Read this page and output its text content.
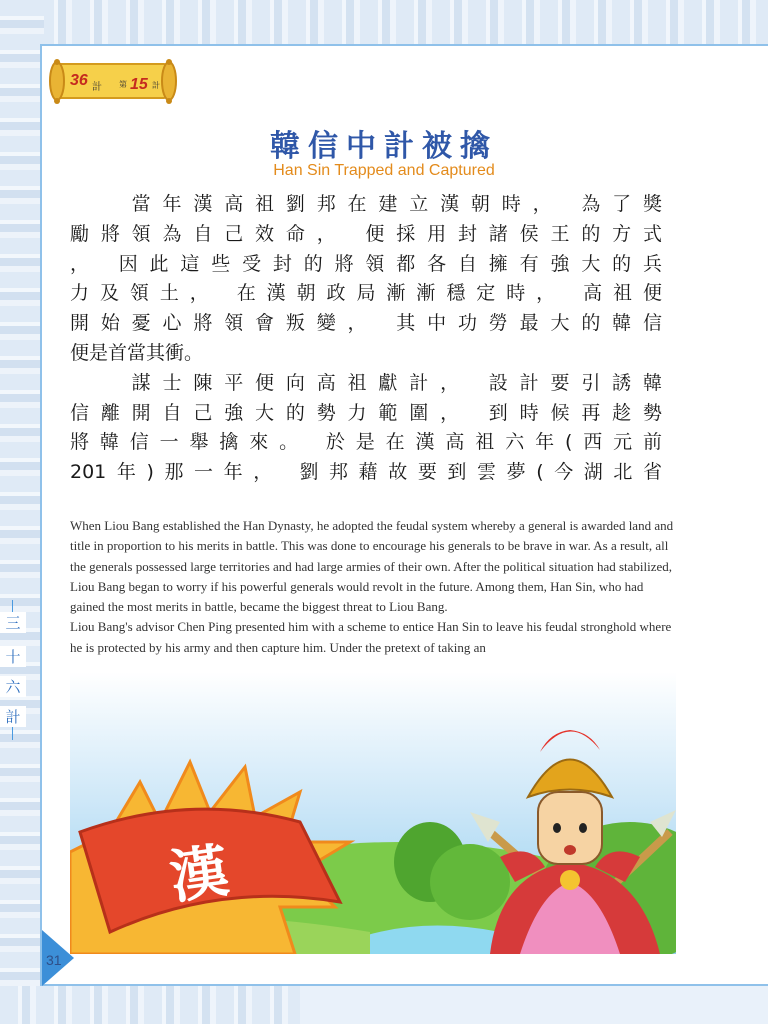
36 計 第 15 計
韓信中計被擒
Han Sin Trapped and Captured
　　當年漢高祖劉邦在建立漢朝時， 為了獎
勵將領為自己效命， 便採用封諸侯王的方式
， 因此這些受封的將領都各自擁有強大的兵
力及領土， 在漢朝政局漸漸穩定時， 高祖便
開始憂心將領會叛變， 其中功勞最大的韓信
便是首當其衝。
　　謀士陳平便向高祖獻計， 設計要引誘韓
信離開自己強大的勢力範圍， 到時候再趁勢
將韓信一舉擒來。 於是在漢高祖六年(西元前
201年)那一年， 劉邦藉故要到雲夢(今湖北省

When Liou Bang established the Han Dynasty, he adopted the feudal system whereby a general is awarded land and title in proportion to his merits in battle. This was done to encourage his generals to be brave in war. As a result, all the generals possessed large territories and had large armies of their own. After the political situation had stabilized, Liou Bang began to worry if his powerful generals would revolt in the future. Among them, Han Sin, who had gained the most merits in battle, became the biggest threat to Liou Bang.

Liou Bang's advisor Chen Ping presented him with a scheme to entice Han Sin to leave his feudal stronghold where he is protected by his army and then capture him. Under the pretext of taking an

漢
三
十
六
計
31
